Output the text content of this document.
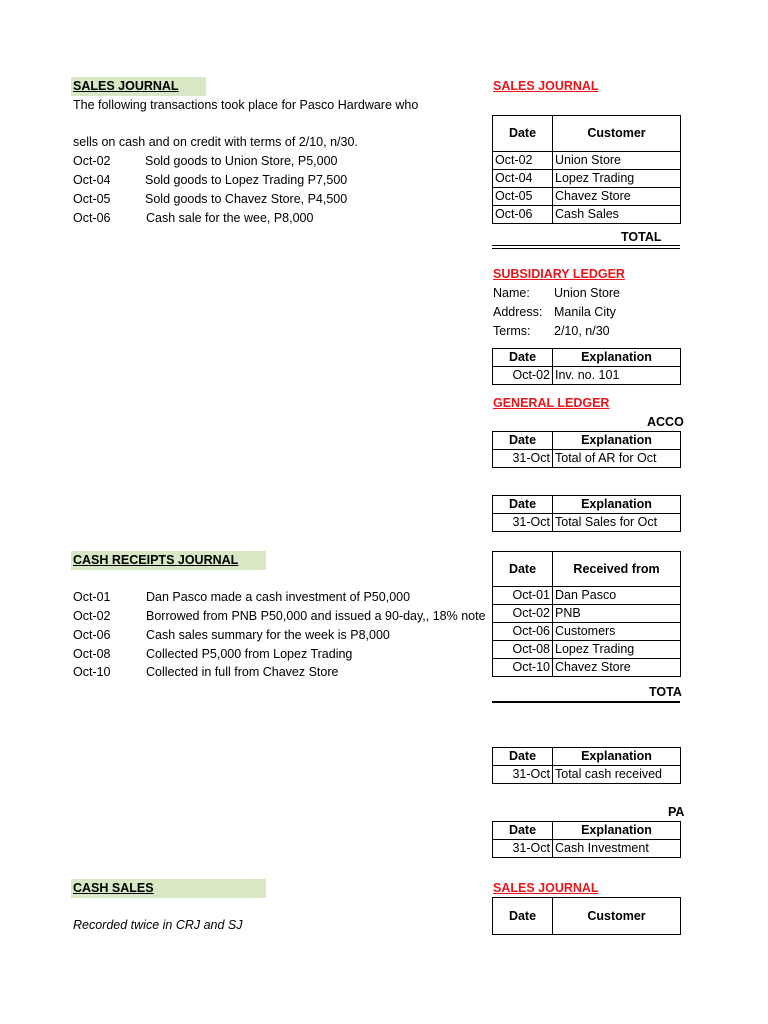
SALES JOURNAL
The following transactions took place for Pasco Hardware who
sells on cash and on credit with terms of 2/10, n/30.
Oct-02	Sold goods to Union Store, P5,000
Oct-04	Sold goods to Lopez Trading P7,500
Oct-05	Sold goods to Chavez Store, P4,500
Oct-06	Cash sale for the wee, P8,000
CASH RECEIPTS JOURNAL
Oct-01	Dan Pasco made a cash investment of P50,000
Oct-02	Borrowed from PNB P50,000 and issued a 90-day,, 18% note
Oct-06	Cash sales summary for the week is P8,000
Oct-08	Collected P5,000 from Lopez Trading
Oct-10	Collected in full from Chavez Store
CASH SALES
Recorded twice in CRJ and SJ
SALES JOURNAL
Date	Customer
Oct-02	Union Store
Oct-04	Lopez Trading
Oct-05	Chavez Store
Oct-06	Cash Sales
TOTAL
SUBSIDIARY LEDGER
Name: Union Store
Address: Manila City
Terms: 2/10, n/30
Date	Explanation
Oct-02	Inv. no. 101
GENERAL LEDGER
ACCO
Date	Explanation
31-Oct	Total of AR for Oct
Date	Explanation
31-Oct	Total Sales for Oct
Date	Received from
Oct-01	Dan Pasco
Oct-02	PNB
Oct-06	Customers
Oct-08	Lopez Trading
Oct-10	Chavez Store
TOTA
Date	Explanation
31-Oct	Total cash received
PA
Date	Explanation
31-Oct	Cash Investment
SALES JOURNAL
Date	Customer
